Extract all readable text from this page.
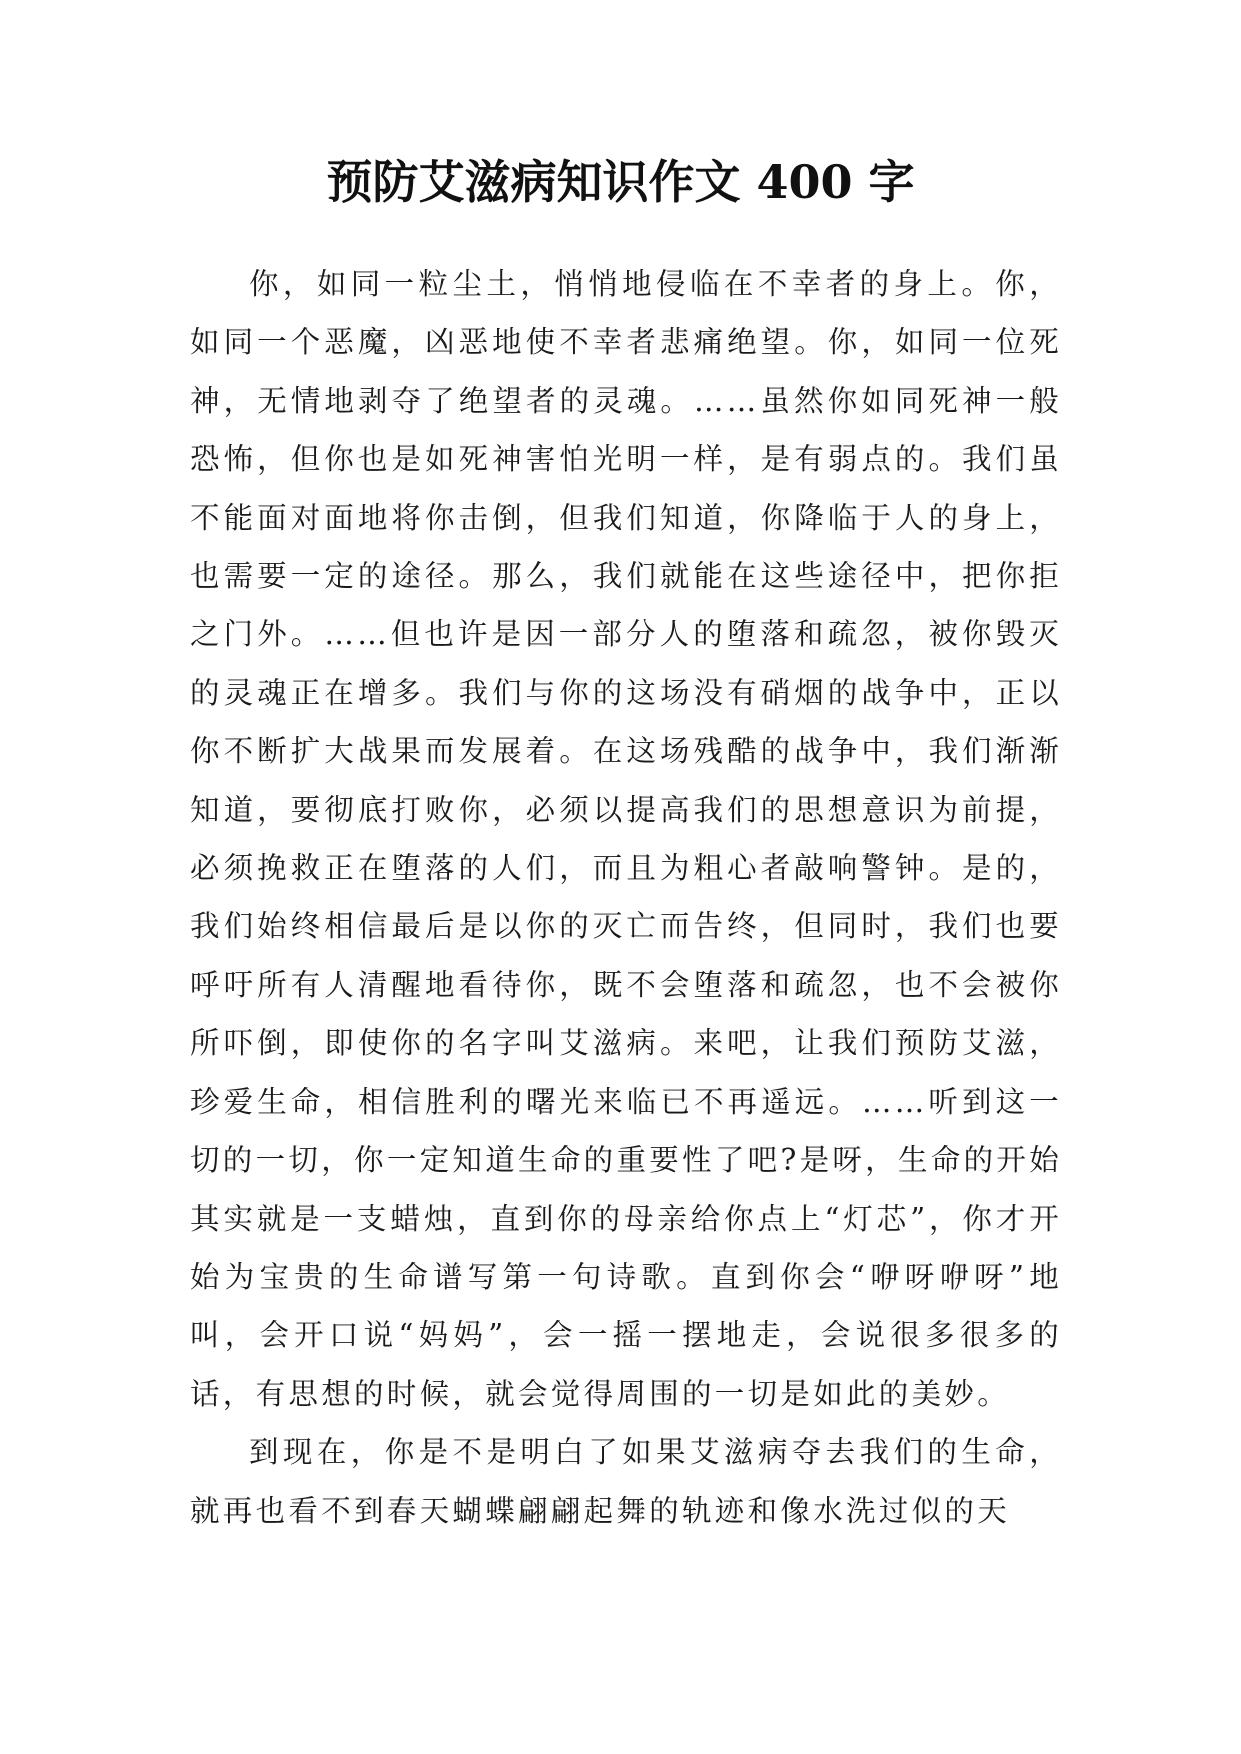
预防艾滋病知识作文 400 字

你，如同一粒尘土，悄悄地侵临在不幸者的身上。你，如同一个恶魔，凶恶地使不幸者悲痛绝望。你，如同一位死神，无情地剥夺了绝望者的灵魂。……虽然你如同死神一般恐怖，但你也是如死神害怕光明一样，是有弱点的。我们虽不能面对面地将你击倒，但我们知道，你降临于人的身上，也需要一定的途径。那么，我们就能在这些途径中，把你拒之门外。……但也许是因一部分人的堕落和疏忽，被你毁灭的灵魂正在增多。我们与你的这场没有硝烟的战争中，正以你不断扩大战果而发展着。在这场残酷的战争中，我们渐渐知道，要彻底打败你，必须以提高我们的思想意识为前提，必须挽救正在堕落的人们，而且为粗心者敲响警钟。是的，我们始终相信最后是以你的灭亡而告终，但同时，我们也要呼吁所有人清醒地看待你，既不会堕落和疏忽，也不会被你所吓倒，即使你的名字叫艾滋病。来吧，让我们预防艾滋，珍爱生命，相信胜利的曙光来临已不再遥远。……听到这一切的一切，你一定知道生命的重要性了吧?是呀，生命的开始其实就是一支蜡烛，直到你的母亲给你点上“灯芯”，你才开始为宝贵的生命谱写第一句诗歌。直到你会“咿呀咿呀”地叫，会开口说“妈妈”，会一摇一摆地走，会说很多很多的话，有思想的时候，就会觉得周围的一切是如此的美妙。

到现在，你是不是明白了如果艾滋病夺去我们的生命，就再也看不到春天蝴蝶翩翩起舞的轨迹和像水洗过似的天
